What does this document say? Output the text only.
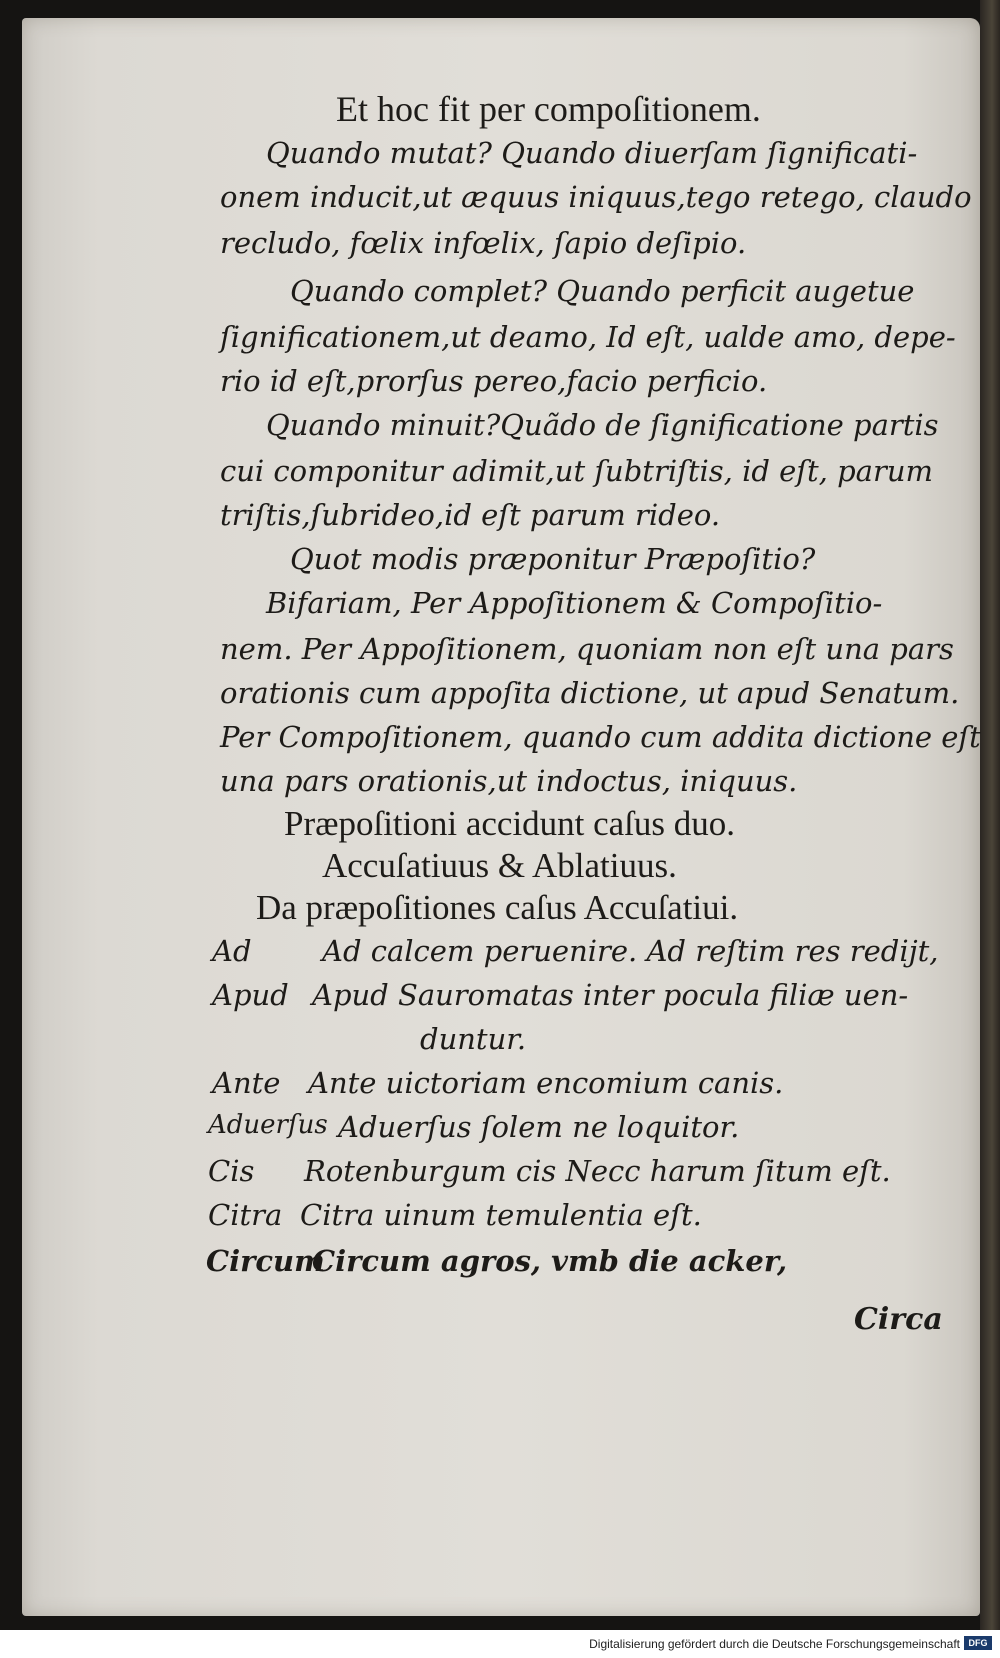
Et hoc fit per compoſitionem.
Quando mutat? Quando diuerſam ſignificati-
onem inducit,ut æquus iniquus,tego retego, claudo
recludo, fœlix infœlix, ſapio deſipio.
Quando complet? Quando perficit augetue
ſignificationem,ut deamo, Id eſt, ualde amo, depe-
rio id eſt,prorſus pereo,facio perficio.
Quando minuit?Quãdo de ſignificatione partis
cui componitur adimit,ut ſubtriſtis, id eſt, parum
triſtis,ſubrideo,id eſt parum rideo.
Quot modis præponitur Præpoſitio?
Bifariam, Per Appoſitionem & Compoſitio-
nem. Per Appoſitionem, quoniam non eſt una pars
orationis cum appoſita dictione, ut apud Senatum.
Per Compoſitionem, quando cum addita dictione eſt
una pars orationis,ut indoctus, iniquus.
Præpoſitioni accidunt caſus duo.
Accuſatiuus & Ablatiuus.
Da præpoſitiones caſus Accuſatiui.
Ad Ad calcem peruenire. Ad reſtim res redijt,
Apud Apud Sauromatas inter pocula filiæ uen-
duntur.
Ante Ante uictoriam encomium canis.
Aduerſus Aduerſus ſolem ne loquitor.
Cis Rotenburgum cis Necc harum ſitum eſt.
Citra Citra uinum temulentia eſt.
Circum
Circum agros, vmb die acker,
Circa
Digitalisierung gefördert durch die Deutsche Forschungsgemeinschaft DFG
